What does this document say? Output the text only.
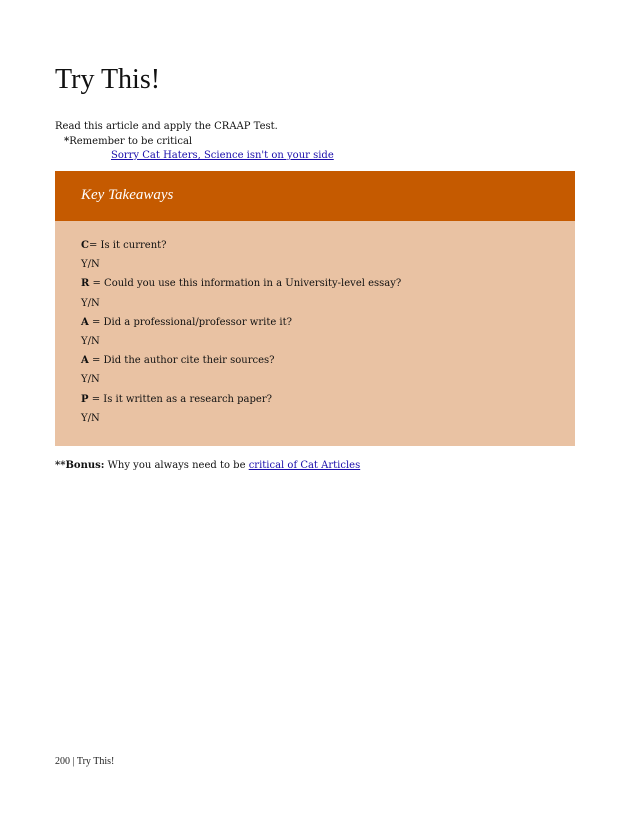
Try This!
Read this article and apply the CRAAP Test.
*Remember to be critical
Sorry Cat Haters, Science isn't on your side
Key Takeaways

C= Is it current?

Y/N

R = Could you use this information in a University-level essay?

Y/N

A = Did a professional/professor write it?

Y/N

A = Did the author cite their sources?

Y/N

P = Is it written as a research paper?

Y/N

**Bonus: Why you always need to be critical of Cat Articles
200 | Try This!
